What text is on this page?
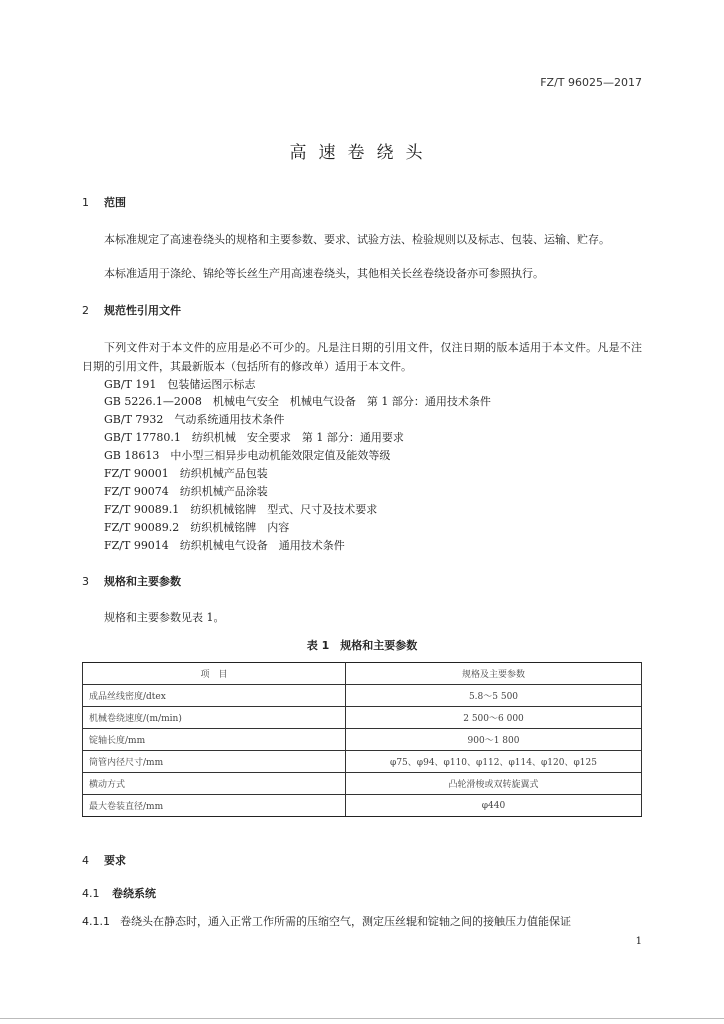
FZ/T 96025—2017
高速卷绕头
1 范围
本标准规定了高速卷绕头的规格和主要参数、要求、试验方法、检验规则以及标志、包装、运输、贮存。
本标准适用于涤纶、锦纶等长丝生产用高速卷绕头，其他相关长丝卷绕设备亦可参照执行。
2 规范性引用文件
下列文件对于本文件的应用是必不可少的。凡是注日期的引用文件，仅注日期的版本适用于本文件。凡是不注日期的引用文件，其最新版本（包括所有的修改单）适用于本文件。
GB/T 191　 包装储运图示标志
GB 5226.1—2008　 机械电气安全　机械电气设备　第 1 部分：通用技术条件
GB/T 7932　 气动系统通用技术条件
GB/T 17780.1　 纺织机械　安全要求　第 1 部分：通用要求
GB 18613　 中小型三相异步电动机能效限定值及能效等级
FZ/T 90001　 纺织机械产品包装
FZ/T 90074　 纺织机械产品涂装
FZ/T 90089.1　 纺织机械铭牌　型式、尺寸及技术要求
FZ/T 90089.2　 纺织机械铭牌　内容
FZ/T 99014　 纺织机械电气设备　通用技术条件
3 规格和主要参数
规格和主要参数见表 1。
表 1　规格和主要参数
项　目	规格及主要参数
成品丝线密度/dtex	5.8～5 500
机械卷绕速度/(m/min)	2 500～6 000
锭轴长度/mm	900～1 800
筒管内径尺寸/mm	φ75、φ94、φ110、φ112、φ114、φ120、φ125
横动方式	凸轮滑梭或双转旋翼式
最大卷装直径/mm	φ440
4 要求
4.1 卷绕系统
4.1.1 卷绕头在静态时，通入正常工作所需的压缩空气，测定压丝辊和锭轴之间的接触压力值能保证
1
